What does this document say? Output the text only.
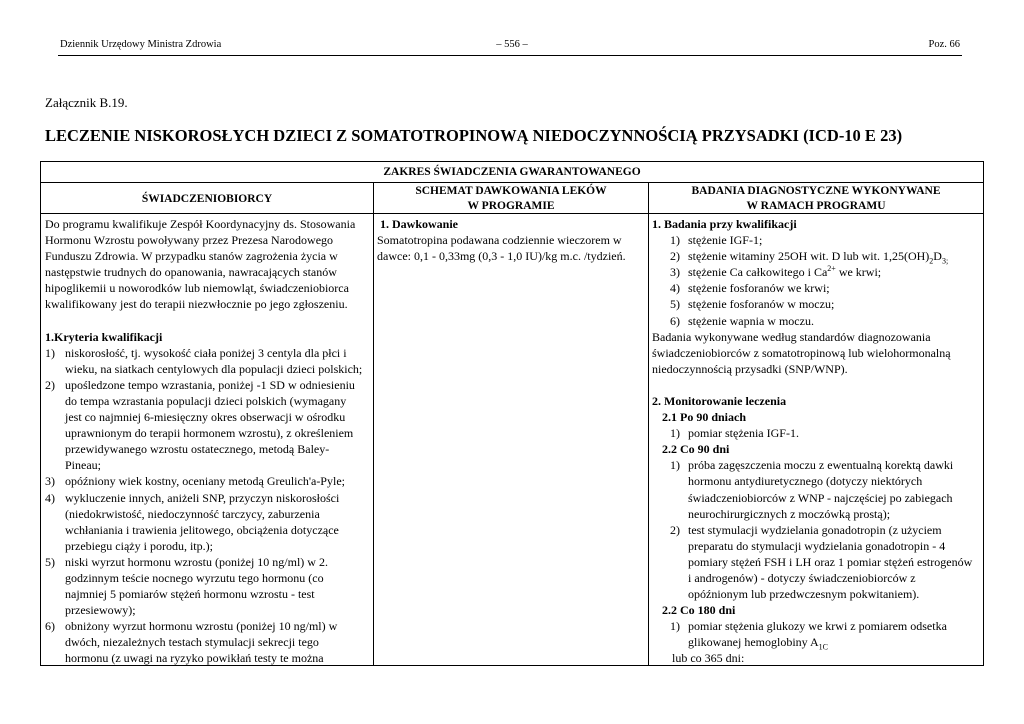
Dziennik Urzędowy Ministra Zdrowia	– 556 –	Poz. 66
Załącznik B.19.
LECZENIE NISKOROSŁYCH DZIECI Z SOMATOTROPINOWĄ NIEDOCZYNNOŚCIĄ PRZYSADKI (ICD-10 E 23)
ZAKRES ŚWIADCZENIA GWARANTOWANEGO
ŚWIADCZENIOBIORCY
SCHEMAT DAWKOWANIA LEKÓW
W PROGRAMIE
BADANIA DIAGNOSTYCZNE WYKONYWANE
W RAMACH PROGRAMU

Do programu kwalifikuje Zespół Koordynacyjny ds. Stosowania

Hormonu Wzrostu powoływany przez Prezesa Narodowego

Funduszu Zdrowia. W przypadku stanów zagrożenia życia w

następstwie trudnych do opanowania, nawracających stanów

hipoglikemii u noworodków lub niemowląt, świadczeniobiorca

kwalifikowany jest do terapii niezwłocznie po jego zgłoszeniu.

1.Kryteria kwalifikacji

1) niskorosłość, tj. wysokość ciała poniżej 3 centyla dla płci i
wieku, na siatkach centylowych dla populacji dzieci polskich;
2) upośledzone tempo wzrastania, poniżej -1 SD w odniesieniu
do tempa wzrastania populacji dzieci polskich (wymagany
jest co najmniej 6-miesięczny okres obserwacji w ośrodku
uprawnionym do terapii hormonem wzrostu), z określeniem
przewidywanego wzrostu ostatecznego, metodą Baley-
Pineau;
3) opóźniony wiek kostny, oceniany metodą Greulich'a-Pyle;
4) wykluczenie innych, aniżeli SNP, przyczyn niskorosłości
(niedokrwistość, niedoczynność tarczycy, zaburzenia
wchłaniania i trawienia jelitowego, obciążenia dotyczące
przebiegu ciąży i porodu, itp.);
5) niski wyrzut hormonu wzrostu (poniżej 10 ng/ml) w 2.
godzinnym teście nocnego wyrzutu tego hormonu (co
najmniej 5 pomiarów stężeń hormonu wzrostu - test
przesiewowy);
6) obniżony wyrzut hormonu wzrostu (poniżej 10 ng/ml) w
dwóch, niezależnych testach stymulacji sekrecji tego
hormonu (z uwagi na ryzyko powikłań testy te można

1. Dawkowanie

Somatotropina podawana codziennie wieczorem w

dawce: 0,1 - 0,33mg (0,3 - 1,0 IU)/kg m.c. /tydzień.

1. Badania przy kwalifikacji

1) stężenie IGF-1;
2) stężenie witaminy 25OH wit. D lub wit. $1,25(OH)_2D_{3;}$
3) stężenie Ca całkowitego i $Ca^{2+}$ we krwi;
4) stężenie fosforanów we krwi;
5) stężenie fosforanów w moczu;
6) stężenie wapnia w moczu.

Badania wykonywane według standardów diagnozowania

świadczeniobiorców z somatotropinową lub wielohormonalną

niedoczynnością przysadki (SNP/WNP).

2. Monitorowanie leczenia

2.1 Po 90 dniach

1) pomiar stężenia IGF-1.

2.2 Co 90 dni

1) próba zagęszczenia moczu z ewentualną korektą dawki
hormonu antydiuretycznego (dotyczy niektórych
świadczeniobiorców z WNP - najczęściej po zabiegach
neurochirurgicznych z moczówką prostą);
2) test stymulacji wydzielania gonadotropin (z użyciem
preparatu do stymulacji wydzielania gonadotropin - 4
pomiary stężeń FSH i LH oraz 1 pomiar stężeń estrogenów
i androgenów) - dotyczy świadczeniobiorców z
opóźnionym lub przedwczesnym pokwitaniem).

2.2 Co 180 dni

1) pomiar stężenia glukozy we krwi z pomiarem odsetka
glikowanej hemoglobiny $A_{1C}$

lub co 365 dni:
